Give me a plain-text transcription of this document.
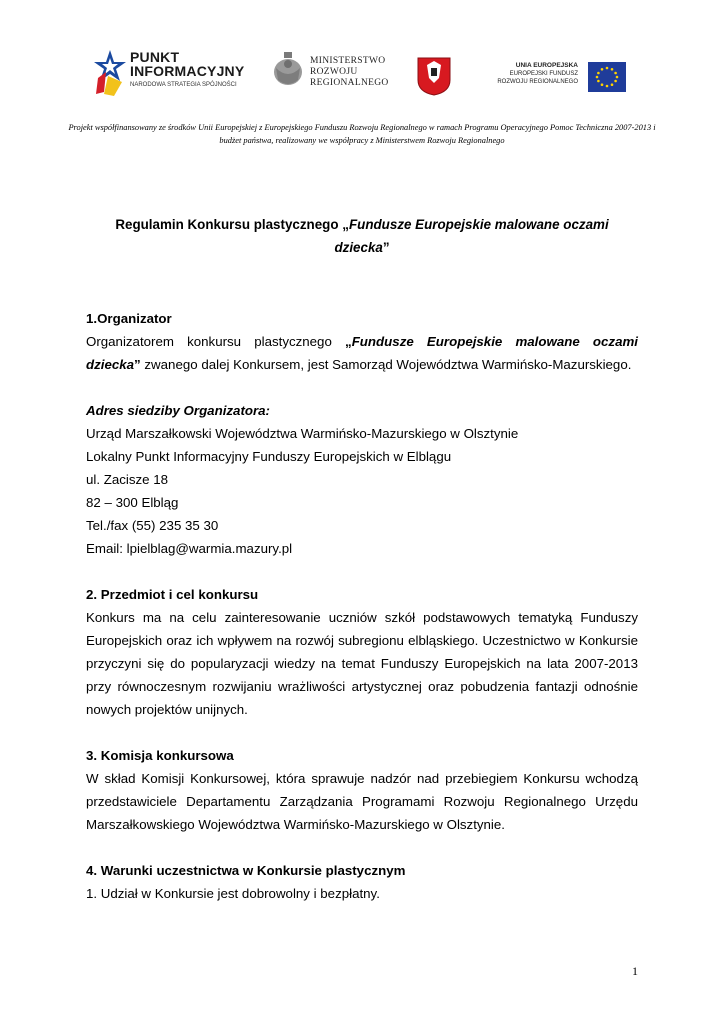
PUNKT INFORMACYJNY
NARODOWA STRATEGIA SPÓJNOŚCI
MINISTERSTWO
ROZWOJU
REGIONALNEGO
UNIA EUROPEJSKA
EUROPEJSKI FUNDUSZ
ROZWOJU REGIONALNEGO
Projekt współfinansowany ze środków Unii Europejskiej z Europejskiego Funduszu Rozwoju Regionalnego w ramach Programu Operacyjnego Pomoc Techniczna 2007-2013 i budżet państwa, realizowany we współpracy z Ministerstwem Rozwoju Regionalnego
Regulamin Konkursu plastycznego „Fundusze Europejskie malowane oczami dziecka”

1.Organizator

Organizatorem konkursu plastycznego „Fundusze Europejskie malowane oczami dziecka” zwanego dalej Konkursem, jest Samorząd Województwa Warmińsko-Mazurskiego.

Adres siedziby Organizatora:

Urząd Marszałkowski Województwa Warmińsko-Mazurskiego w Olsztynie

Lokalny Punkt Informacyjny Funduszy Europejskich w Elblągu

ul. Zacisze 18

82 – 300 Elbląg

Tel./fax (55) 235 35 30

Email: lpielblag@warmia.mazury.pl

2. Przedmiot i cel konkursu

Konkurs ma na celu zainteresowanie uczniów szkół podstawowych tematyką Funduszy Europejskich oraz ich wpływem na rozwój subregionu elbląskiego. Uczestnictwo w Konkursie przyczyni się do popularyzacji wiedzy na temat Funduszy Europejskich na lata 2007-2013 przy równoczesnym rozwijaniu wrażliwości artystycznej oraz pobudzenia fantazji odnośnie nowych projektów unijnych.

3. Komisja konkursowa

W skład Komisji Konkursowej, która sprawuje nadzór nad przebiegiem Konkursu wchodzą przedstawiciele Departamentu Zarządzania Programami Rozwoju Regionalnego Urzędu Marszałkowskiego Województwa Warmińsko-Mazurskiego w Olsztynie.

4. Warunki uczestnictwa w Konkursie plastycznym

1. Udział w Konkursie jest dobrowolny i bezpłatny.

1
